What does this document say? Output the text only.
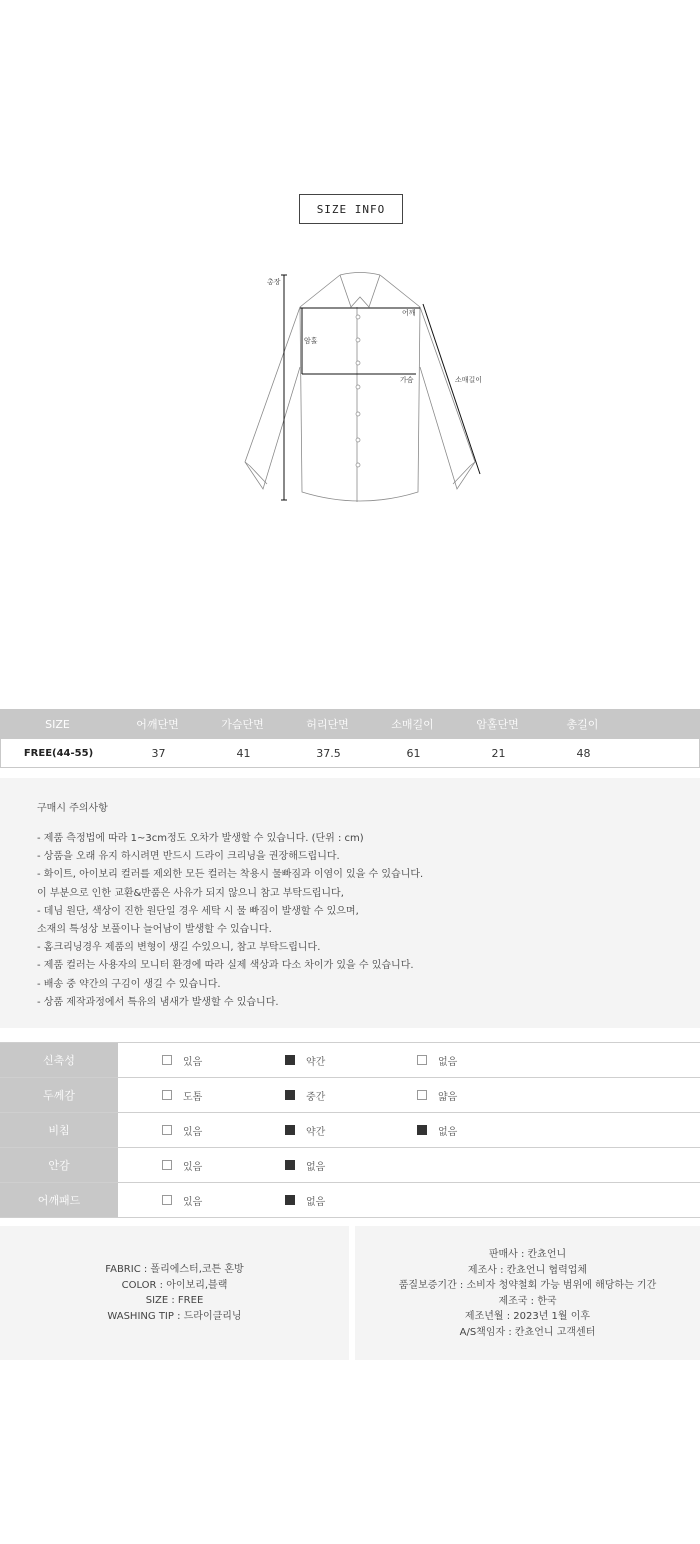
SIZE INFO
총장
어깨
암홀
가슴	소매길이
SIZE	어깨단면	가슴단면	허리단면	소매길이	암홀단면	총길이
FREE(44-55)	37	41	37.5	61	21	48
구매시 주의사항
- 제품 측정법에 따라 1~3cm정도 오차가 발생할 수 있습니다. (단위 : cm)
- 상품을 오래 유지 하시려면 반드시 드라이 크리닝을 권장해드립니다.
- 화이트, 아이보리 컬러를 제외한 모든 컬러는 착용시 물빠짐과 이염이 있을 수 있습니다.
이 부분으로 인한 교환&반품은 사유가 되지 않으니 참고 부탁드립니다,
- 데님 원단, 색상이 진한 원단일 경우 세탁 시 물 빠짐이 발생할 수 있으며,
소재의 특성상 보풀이나 늘어남이 발생할 수 있습니다.
- 홈크리닝경우 제품의 변형이 생길 수있으니, 참고 부탁드립니다.
- 제품 컬러는 사용자의 모니터 환경에 따라 실제 색상과 다소 차이가 있을 수 있습니다.
- 배송 중 약간의 구김이 생길 수 있습니다.
- 상품 제작과정에서 특유의 냄새가 발생할 수 있습니다.
신축성	있음	약간	없음
두께감	도톰	중간	얇음
비침	있음	약간	없음
안감	있음	없음
어깨패드	있음	없음
FABRIC : 폴리에스터,코튼 혼방
COLOR : 아이보리,블랙
SIZE : FREE
WASHING TIP : 드라이클리닝
판매사 : 칸쵸언니
제조사 : 칸쵸언니 협력업체
품질보증기간 : 소비자 청약철회 가능 범위에 해당하는 기간
제조국 : 한국
제조년월 : 2023년 1월 이후
A/S책임자 : 칸쵸언니 고객센터
